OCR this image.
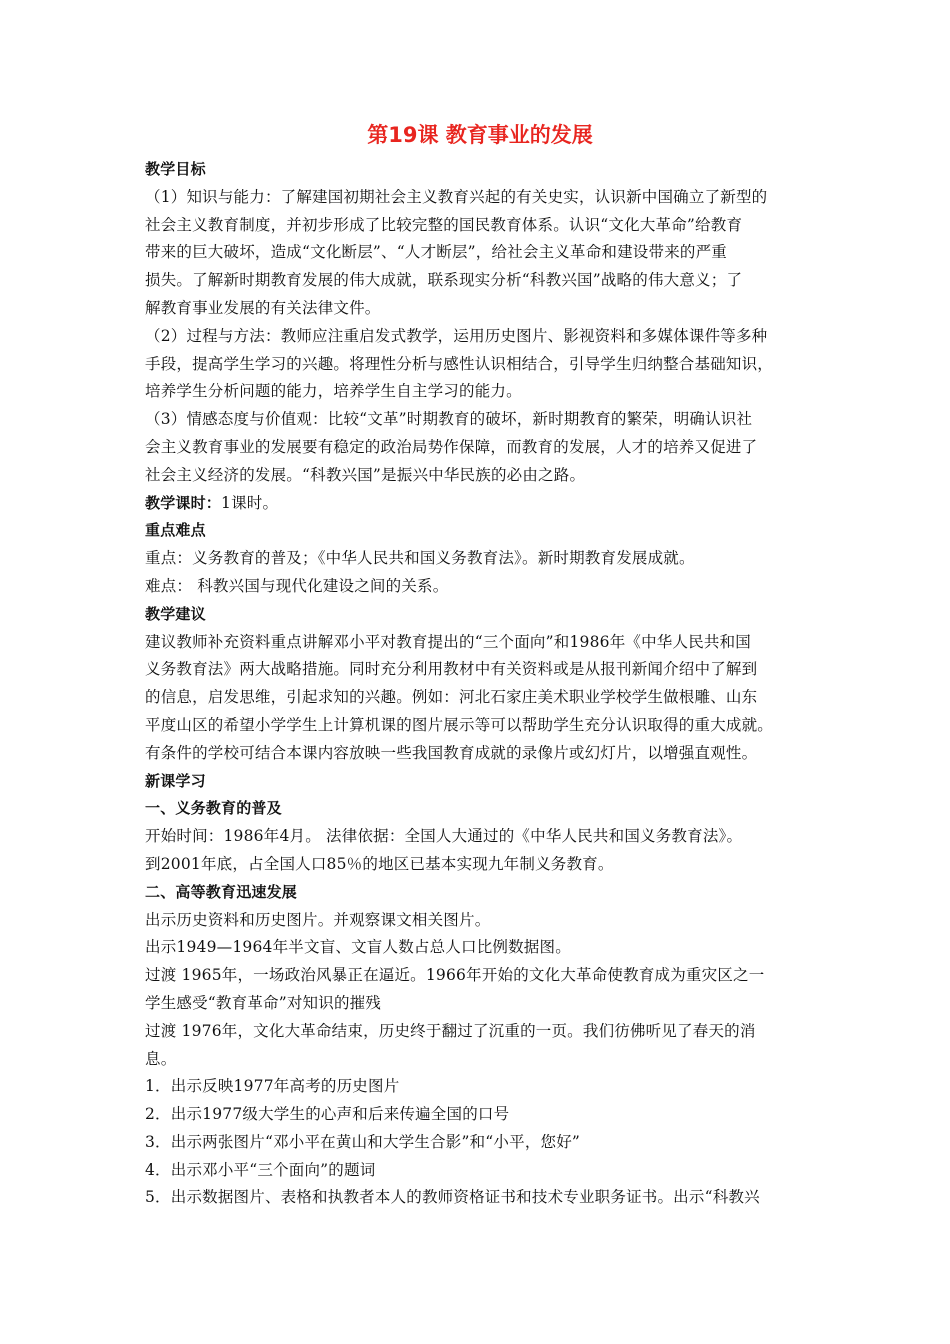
第19课 教育事业的发展
教学目标
（1）知识与能力：了解建国初期社会主义教育兴起的有关史实，认识新中国确立了新型的
社会主义教育制度，并初步形成了比较完整的国民教育体系。认识“文化大革命”给教育
带来的巨大破坏，造成“文化断层”、“人才断层”，给社会主义革命和建设带来的严重
损失。了解新时期教育发展的伟大成就，联系现实分析“科教兴国”战略的伟大意义；了
解教育事业发展的有关法律文件。
（2）过程与方法：教师应注重启发式教学，运用历史图片、影视资料和多媒体课件等多种
手段，提高学生学习的兴趣。将理性分析与感性认识相结合，引导学生归纳整合基础知识，
培养学生分析问题的能力，培养学生自主学习的能力。
（3）情感态度与价值观：比较“文革”时期教育的破坏，新时期教育的繁荣，明确认识社
会主义教育事业的发展要有稳定的政治局势作保障，而教育的发展，人才的培养又促进了
社会主义经济的发展。“科教兴国”是振兴中华民族的必由之路。
教学课时：1课时。
重点难点
重点：义务教育的普及；《中华人民共和国义务教育法》。新时期教育发展成就。
难点： 科教兴国与现代化建设之间的关系。
教学建议
建议教师补充资料重点讲解邓小平对教育提出的“三个面向”和1986年《中华人民共和国
义务教育法》两大战略措施。同时充分利用教材中有关资料或是从报刊新闻介绍中了解到
的信息，启发思维，引起求知的兴趣。例如：河北石家庄美术职业学校学生做根雕、山东
平度山区的希望小学学生上计算机课的图片展示等可以帮助学生充分认识取得的重大成就。
有条件的学校可结合本课内容放映一些我国教育成就的录像片或幻灯片，以增强直观性。
新课学习
一、义务教育的普及
开始时间：1986年4月。 法律依据：全国人大通过的《中华人民共和国义务教育法》。
到2001年底，占全国人口85％的地区已基本实现九年制义务教育。
二、高等教育迅速发展
出示历史资料和历史图片。并观察课文相关图片。
出示1949—1964年半文盲、文盲人数占总人口比例数据图。
过渡 1965年，一场政治风暴正在逼近。1966年开始的文化大革命使教育成为重灾区之一
学生感受“教育革命”对知识的摧残
过渡 1976年，文化大革命结束，历史终于翻过了沉重的一页。我们彷佛听见了春天的消
息。
1．出示反映1977年高考的历史图片
2．出示1977级大学生的心声和后来传遍全国的口号
3．出示两张图片“邓小平在黄山和大学生合影”和“小平，您好”
4．出示邓小平“三个面向”的题词
5．出示数据图片、表格和执教者本人的教师资格证书和技术专业职务证书。出示“科教兴
